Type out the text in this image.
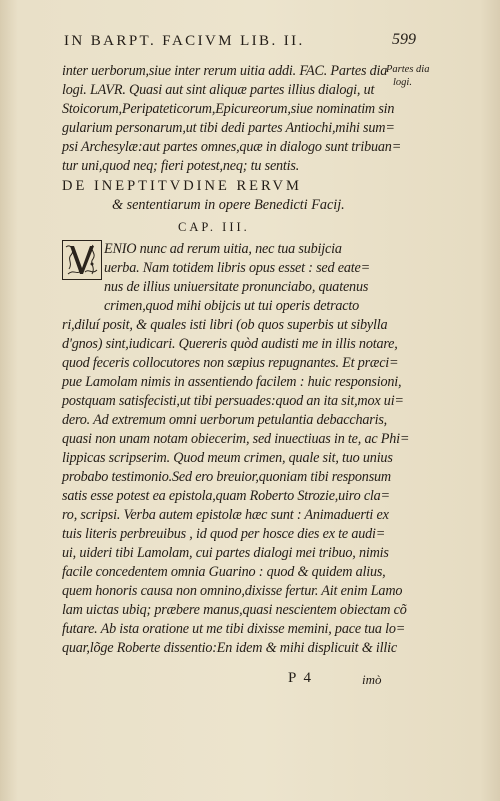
IN BARPT. FACIVM LIB. II.	599
Partes dia
logi.
inter uerborum,siue inter rerum uitia addi. FAC. Partes dia
logi. LAVR. Quasi aut sint aliquæ partes illius dialogi, ut
Stoicorum,Peripateticorum,Epicureorum,siue nominatim sin
gularium personarum,ut tibi dedi partes Antiochi,mihi sum=
psi Archesylæ:aut partes omnes,quæ in dialogo sunt tribuan=
tur uni,quod neq; fieri potest,neq; tu sentis.
DE INEPTITVDINE RERVM
& sententiarum in opere Benedicti Facij.
CAP. III.
ENIO nunc ad rerum uitia, nec tua subijcia
uerba. Nam totidem libris opus esset : sed eate=
nus de illius uniuersitate pronunciabo, quatenus
crimen,quod mihi obijcis ut tui operis detracto
ri,diluí posit, & quales isti libri (ob quos superbis ut sibylla
d'gnos) sint,iudicari. Quereris quòd audisti me in illis notare,
quod feceris collocutores non sæpius repugnantes. Et præci=
pue Lamolam nimis in assentiendo facilem : huic responsioni,
postquam satisfecisti,ut tibi persuades:quod an ita sit,mox ui=
dero. Ad extremum omni uerborum petulantia debaccharis,
quasi non unam notam obiecerim, sed inuectiuas in te, ac Phi=
lippicas scripserim. Quod meum crimen, quale sit, tuo unius
probabo testimonio.Sed ero breuior,quoniam tibi responsum
satis esse potest ea epistola,quam Roberto Strozie,uiro cla=
ro, scripsi. Verba autem epistolæ hæc sunt : Animaduerti ex
tuis literis perbreuibus , id quod per hosce dies ex te audi=
ui, uideri tibi Lamolam, cui partes dialogi mei tribuo, nimis
facile concedentem omnia Guarino : quod & quidem alius,
quem honoris causa non omnino,dixisse fertur. Ait enim Lamo
lam uictas ubiq; præbere manus,quasi nescientem obiectam cõ
futare. Ab ista oratione ut me tibi dixisse memini, pace tua lo=
quar,lõge Roberte dissentio:En idem & mihi displicuit & illic
P 4	imò
